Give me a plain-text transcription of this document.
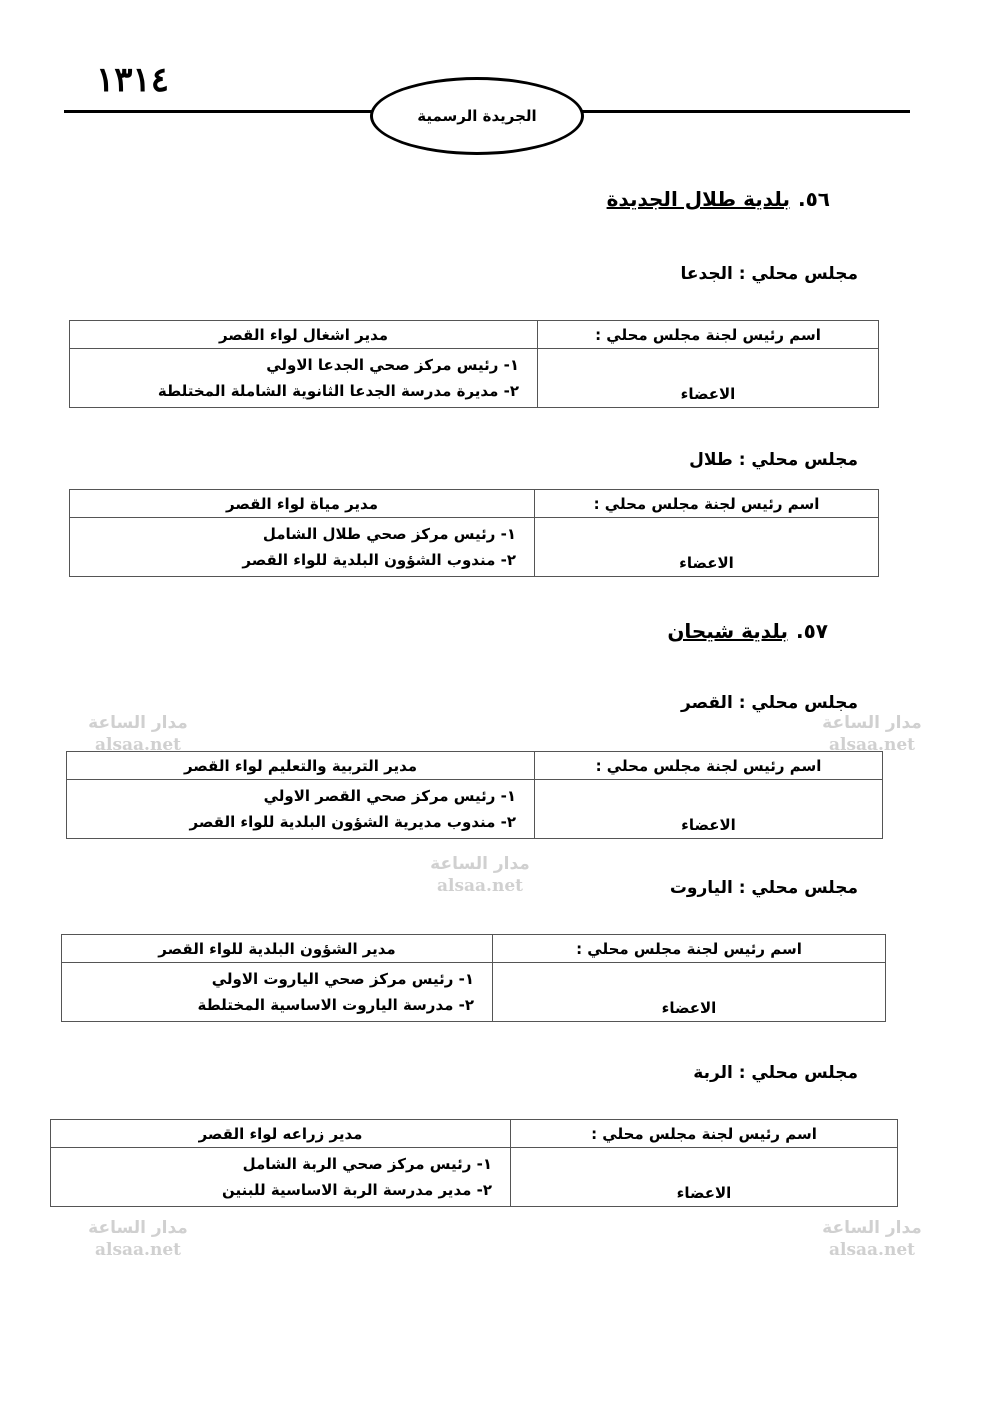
١٣١٤
الجريدة الرسمية
٥٦.بلدية طلال الجديدة
مجلس محلي : الجدعا
اسم رئيس لجنة مجلس محلي :	مدير اشغال لواء القصر
الاعضاء	١- رئيس مركز صحي الجدعا الاولي
٢- مديرة مدرسة الجدعا الثانوية الشاملة المختلطة
مجلس محلي : طلال
اسم رئيس لجنة مجلس محلي :	مدير مياة لواء القصر
الاعضاء	١- رئيس مركز صحي طلال الشامل
٢- مندوب الشؤون البلدية للواء القصر
٥٧.بلدية شيحان
مجلس محلي : القصر
اسم رئيس لجنة مجلس محلي :	مدير التربية والتعليم لواء القصر
الاعضاء	١- رئيس مركز صحي القصر الاولي
٢- مندوب مديرية الشؤون البلدية للواء القصر
مجلس محلي : الياروت
اسم رئيس لجنة مجلس محلي :	مدير الشؤون البلدية للواء القصر
الاعضاء	١- رئيس مركز صحي الياروت الاولي
٢- مدرسة الياروت الاساسية المختلطة
مجلس محلي : الربة
اسم رئيس لجنة مجلس محلي :	مدير زراعه لواء القصر
الاعضاء	١- رئيس مركز صحي الربة الشامل
٢- مدير مدرسة الربة الاساسية للبنين
مدار الساعة
alsaa.net
مدار الساعة
alsaa.net
مدار الساعة
alsaa.net
مدار الساعة
alsaa.net
مدار الساعة
alsaa.net
